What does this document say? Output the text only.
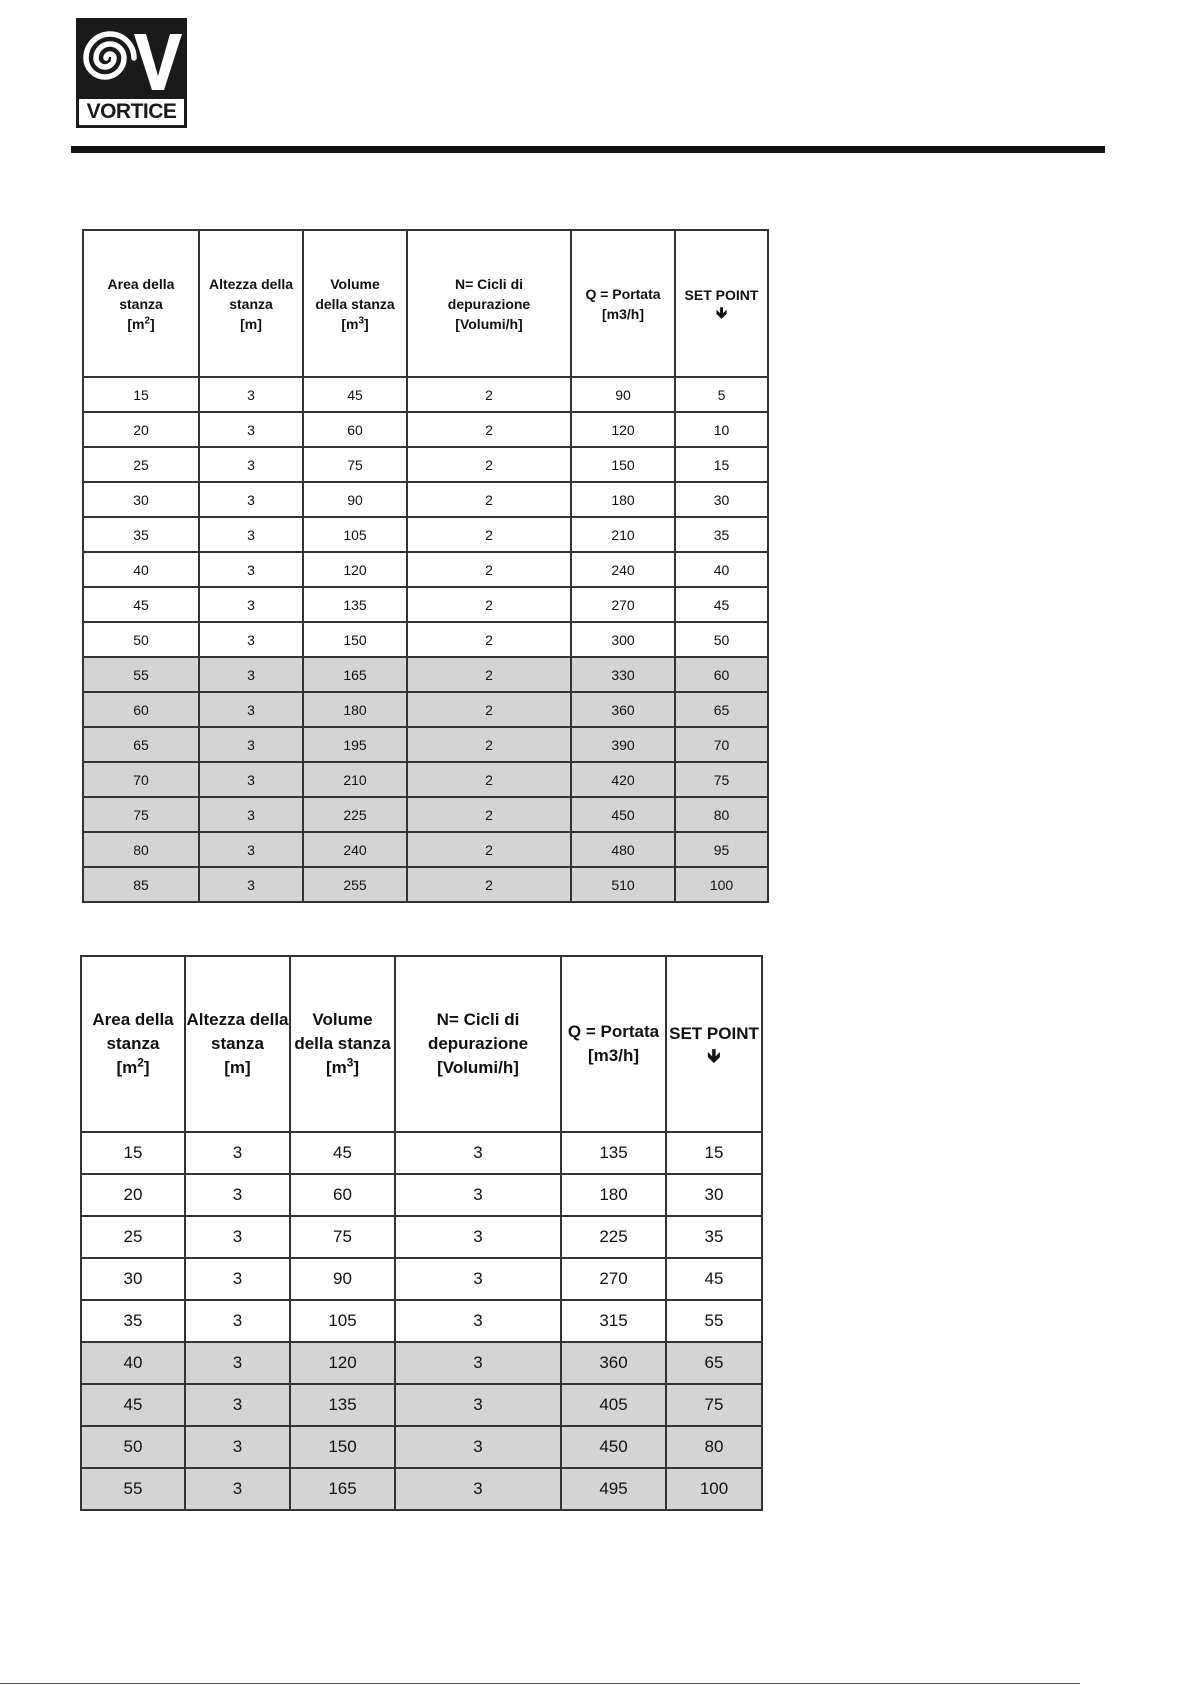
VORTICE
Area della
stanza
$[m^2]$	Altezza della
stanza
[m]	Volume
della stanza
$[m^3]$	N= Cicli di
depurazione
[Volumi/h]	Q = Portata
[m3/h]	SET POINT

🡻

15	3	45	2	90	5
20	3	60	2	120	10
25	3	75	2	150	15
30	3	90	2	180	30
35	3	105	2	210	35
40	3	120	2	240	40
45	3	135	2	270	45
50	3	150	2	300	50
55	3	165	2	330	60
60	3	180	2	360	65
65	3	195	2	390	70
70	3	210	2	420	75
75	3	225	2	450	80
80	3	240	2	480	95
85	3	255	2	510	100
Area della
stanza
$[m^2]$	Altezza della
stanza
[m]	Volume
della stanza
$[m^3]$	N= Cicli di
depurazione
[Volumi/h]	Q = Portata
[m3/h]	SET POINT

🡻

15	3	45	3	135	15
20	3	60	3	180	30
25	3	75	3	225	35
30	3	90	3	270	45
35	3	105	3	315	55
40	3	120	3	360	65
45	3	135	3	405	75
50	3	150	3	450	80
55	3	165	3	495	100
